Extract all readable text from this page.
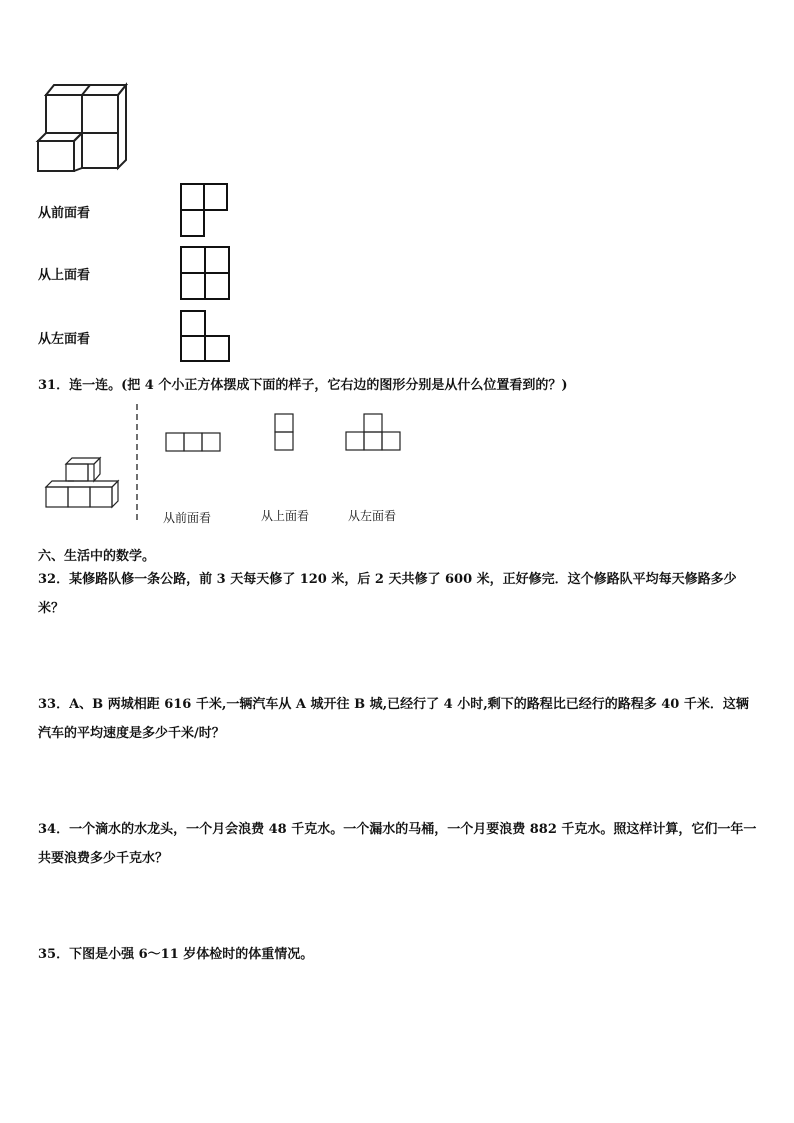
从前面看
从上面看
从左面看
31．连一连。(把 4 个小正方体摆成下面的样子，它右边的图形分别是从什么位置看到的？)
从前面看	从上面看	从左面看
六、生活中的数学。
32．某修路队修一条公路，前 3 天每天修了 120 米，后 2 天共修了 600 米，正好修完．这个修路队平均每天修路多少米？
33．A、B 两城相距 616 千米,一辆汽车从 A 城开往 B 城,已经行了 4 小时,剩下的路程比已经行的路程多 40 千米．这辆汽车的平均速度是多少千米/时？
34．一个滴水的水龙头，一个月会浪费 48 千克水。一个漏水的马桶，一个月要浪费 882 千克水。照这样计算，它们一年一共要浪费多少千克水？
35．下图是小强 6～11 岁体检时的体重情况。
